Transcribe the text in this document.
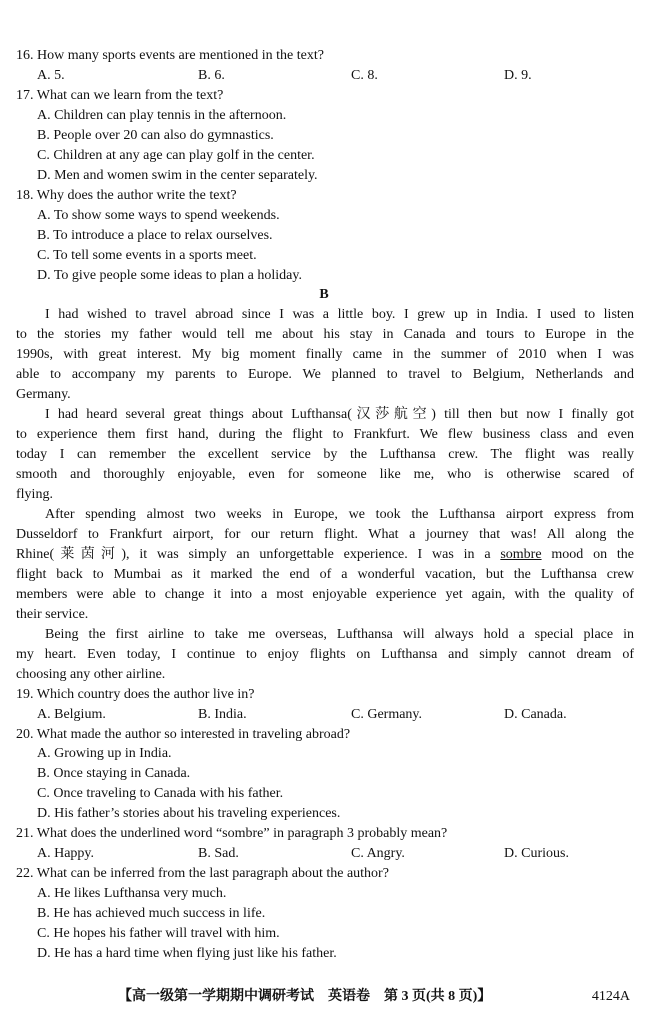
16. How many sports events are mentioned in the text?
A. 5.	B. 6.	C. 8.	D. 9.
17. What can we learn from the text?
A. Children can play tennis in the afternoon.
B. People over 20 can also do gymnastics.
C. Children at any age can play golf in the center.
D. Men and women swim in the center separately.
18. Why does the author write the text?
A. To show some ways to spend weekends.
B. To introduce a place to relax ourselves.
C. To tell some events in a sports meet.
D. To give people some ideas to plan a holiday.
B
I had wished to travel abroad since I was a little boy. I grew up in India. I used to listen
to the stories my father would tell me about his stay in Canada and tours to Europe in the
1990s, with great interest. My big moment finally came in the summer of 2010 when I was
able to accompany my parents to Europe. We planned to travel to Belgium, Netherlands and
Germany.
I had heard several great things about Lufthansa(汉莎航空) till then but now I finally got
to experience them first hand, during the flight to Frankfurt. We flew business class and even
today I can remember the excellent service by the Lufthansa crew. The flight was really
smooth and thoroughly enjoyable, even for someone like me, who is otherwise scared of
flying.
After spending almost two weeks in Europe, we took the Lufthansa airport express from
Dusseldorf to Frankfurt airport, for our return flight. What a journey that was! All along the
Rhine(莱茵河), it was simply an unforgettable experience. I was in a sombre mood on the
flight back to Mumbai as it marked the end of a wonderful vacation, but the Lufthansa crew
members were able to change it into a most enjoyable experience yet again, with the quality of
their service.
Being the first airline to take me overseas, Lufthansa will always hold a special place in
my heart. Even today, I continue to enjoy flights on Lufthansa and simply cannot dream of
choosing any other airline.
19. Which country does the author live in?
A. Belgium.	B. India.	C. Germany.	D. Canada.
20. What made the author so interested in traveling abroad?
A. Growing up in India.
B. Once staying in Canada.
C. Once traveling to Canada with his father.
D. His father’s stories about his traveling experiences.
21. What does the underlined word “sombre” in paragraph 3 probably mean?
A. Happy.	B. Sad.	C. Angry.	D. Curious.
22. What can be inferred from the last paragraph about the author?
A. He likes Lufthansa very much.
B. He has achieved much success in life.
C. He hopes his father will travel with him.
D. He has a hard time when flying just like his father.
【高一级第一学期期中调研考试　英语卷　第 3 页(共 8 页)】	4124A
